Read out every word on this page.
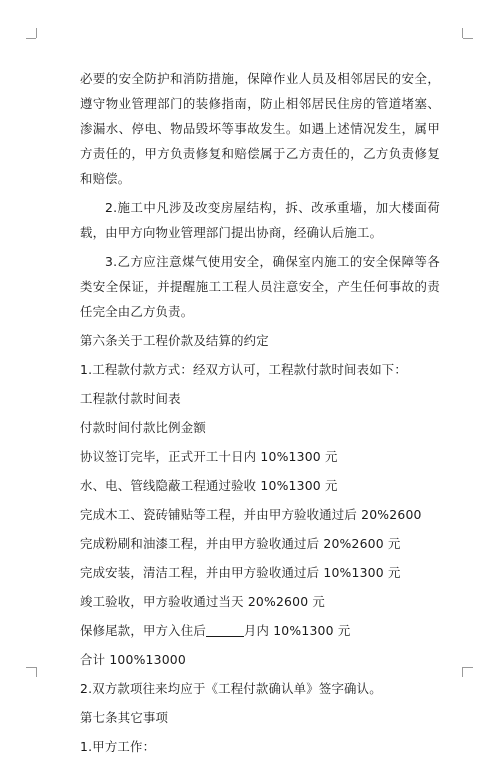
必要的安全防护和消防措施，保障作业人员及相邻居民的安全，遵守物业管理部门的装修指南，防止相邻居民住房的管道堵塞、渗漏水、停电、物品毁坏等事故发生。如遇上述情况发生，属甲方责任的，甲方负责修复和赔偿属于乙方责任的，乙方负责修复和赔偿。

2.施工中凡涉及改变房屋结构，拆、改承重墙，加大楼面荷载，由甲方向物业管理部门提出协商，经确认后施工。

3.乙方应注意煤气使用安全，确保室内施工的安全保障等各类安全保证，并提醒施工工程人员注意安全，产生任何事故的责任完全由乙方负责。

第六条关于工程价款及结算的约定

1.工程款付款方式：经双方认可，工程款付款时间表如下：

工程款付款时间表

付款时间付款比例金额

协议签订完毕，正式开工十日内 10%1300 元

水、电、管线隐蔽工程通过验收 10%1300 元

完成木工、瓷砖铺贴等工程，并由甲方验收通过后 20%2600

完成粉刷和油漆工程，并由甲方验收通过后 20%2600 元

完成安装，清洁工程，并由甲方验收通过后 10%1300 元

竣工验收，甲方验收通过当天 20%2600 元

保修尾款，甲方入住后	月内 10%1300 元

合计 100%13000

2.双方款项往来均应于《工程付款确认单》签字确认。

第七条其它事项

1.甲方工作：
